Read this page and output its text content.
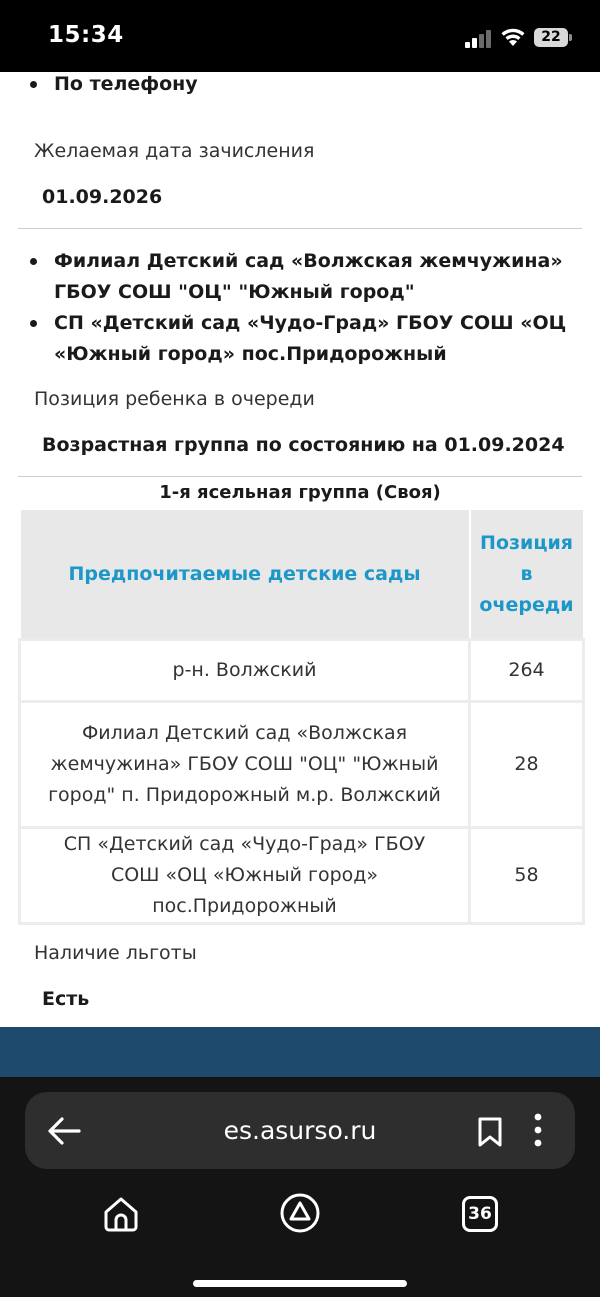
15:34	22
По телефону
Желаемая дата зачисления
01.09.2026
Филиал Детский сад «Волжская жемчужина» ГБОУ СОШ "ОЦ" "Южный город"
СП «Детский сад «Чудо-Град» ГБОУ СОШ «ОЦ «Южный город» пос.Придорожный
Позиция ребенка в очереди
Возрастная группа по состоянию на 01.09.2024
1-я ясельная группа (Своя)
Предпочитаемые детские сады	Позиция в очереди
р-н. Волжский	264
Филиал Детский сад «Волжская жемчужина» ГБОУ СОШ "ОЦ" "Южный город" п. Придорожный м.р. Волжский	28
СП «Детский сад «Чудо-Град» ГБОУ СОШ «ОЦ «Южный город» пос.Придорожный	58
Наличие льготы
Есть
es.asurso.ru
36
